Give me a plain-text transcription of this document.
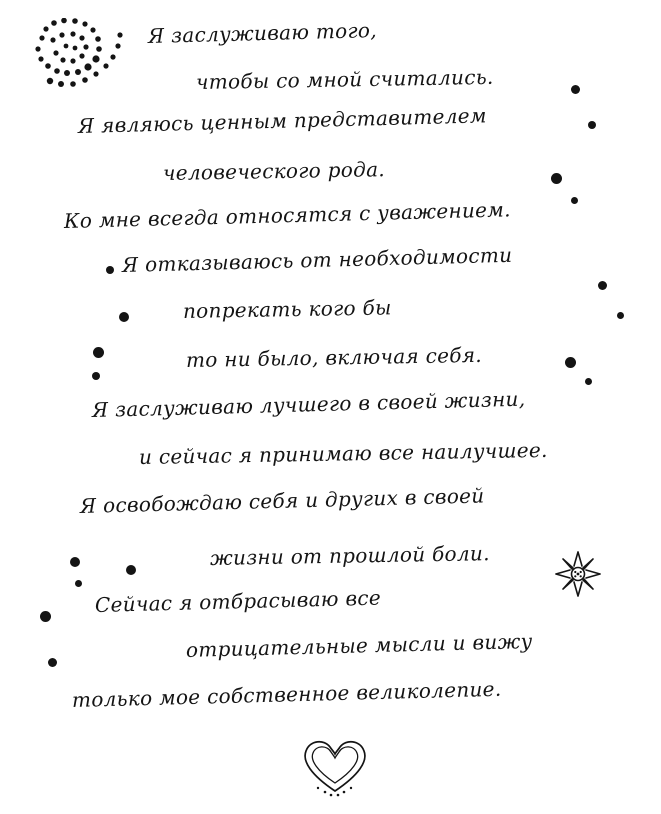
Я заслуживаю того,
чтобы со мной считались.
Я являюсь ценным представителем
человеческого рода.
Ко мне всегда относятся с уважением.
Я отказываюсь от необходимости
попрекать кого бы
то ни было, включая себя.
Я заслуживаю лучшего в своей жизни,
и сейчас я принимаю все наилучшее.
Я освобождаю себя и других в своей
жизни от прошлой боли.
Сейчас я отбрасываю все
отрицательные мысли и вижу
только мое собственное великолепие.
